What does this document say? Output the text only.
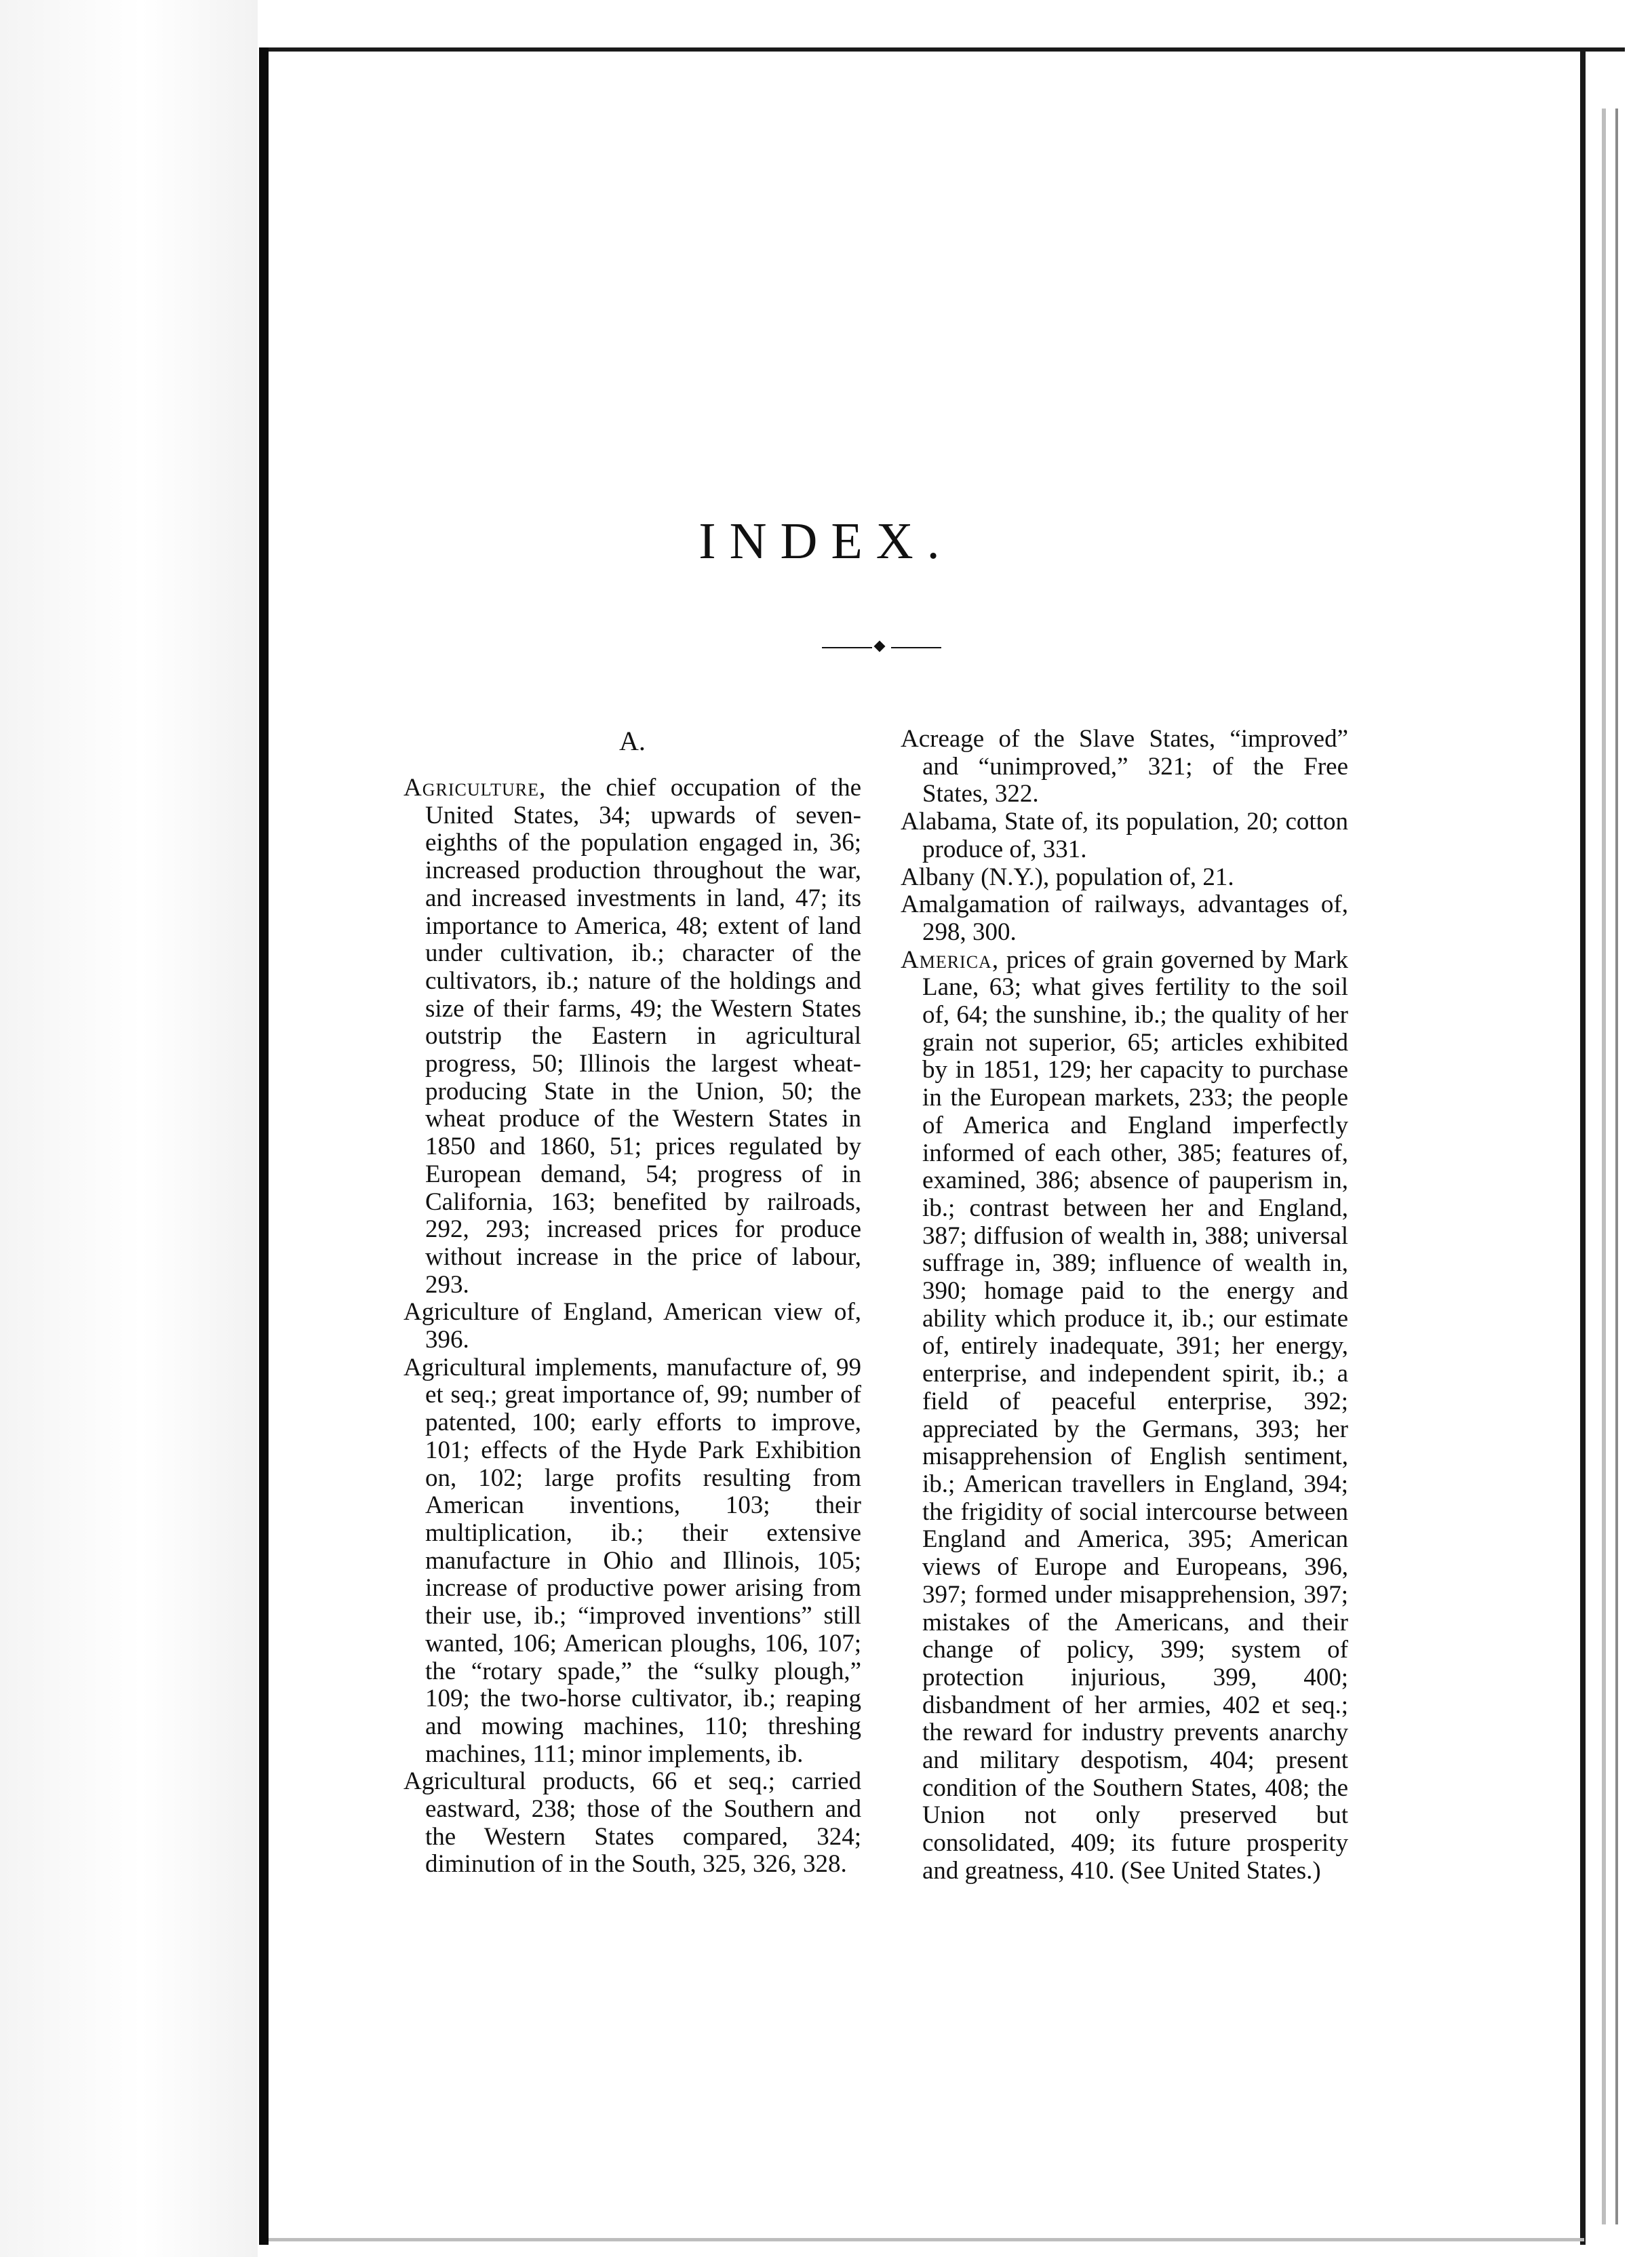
INDEX.
A.

Agriculture, the chief occupation of the United States, 34; upwards of seven-eighths of the population engaged in, 36; increased production throughout the war, and increased investments in land, 47; its importance to America, 48; extent of land under cultivation, ib.; character of the cultivators, ib.; nature of the holdings and size of their farms, 49; the Western States outstrip the Eastern in agricultural progress, 50; Illinois the largest wheat-producing State in the Union, 50; the wheat produce of the Western States in 1850 and 1860, 51; prices regulated by European demand, 54; progress of in California, 163; benefited by railroads, 292, 293; increased prices for produce without increase in the price of labour, 293.

Agriculture of England, American view of, 396.

Agricultural implements, manufacture of, 99 et seq.; great importance of, 99; number of patented, 100; early efforts to improve, 101; effects of the Hyde Park Exhibition on, 102; large profits resulting from American inventions, 103; their multiplication, ib.; their extensive manufacture in Ohio and Illinois, 105; increase of productive power arising from their use, ib.; “improved inventions” still wanted, 106; American ploughs, 106, 107; the “rotary spade,” the “sulky plough,” 109; the two-horse cultivator, ib.; reaping and mowing machines, 110; threshing machines, 111; minor implements, ib.

Agricultural products, 66 et seq.; carried eastward, 238; those of the Southern and the Western States compared, 324; diminution of in the South, 325, 326, 328.

Acreage of the Slave States, “improved” and “unimproved,” 321; of the Free States, 322.

Alabama, State of, its population, 20; cotton produce of, 331.

Albany (N.Y.), population of, 21.

Amalgamation of railways, advantages of, 298, 300.

America, prices of grain governed by Mark Lane, 63; what gives fertility to the soil of, 64; the sunshine, ib.; the quality of her grain not superior, 65; articles exhibited by in 1851, 129; her capacity to purchase in the European markets, 233; the people of America and England imperfectly informed of each other, 385; features of, examined, 386; absence of pauperism in, ib.; contrast between her and England, 387; diffusion of wealth in, 388; universal suffrage in, 389; influence of wealth in, 390; homage paid to the energy and ability which produce it, ib.; our estimate of, entirely inadequate, 391; her energy, enterprise, and independent spirit, ib.; a field of peaceful enterprise, 392; appreciated by the Germans, 393; her misapprehension of English sentiment, ib.; American travellers in England, 394; the frigidity of social intercourse between England and America, 395; American views of Europe and Europeans, 396, 397; formed under misapprehension, 397; mistakes of the Americans, and their change of policy, 399; system of protection injurious, 399, 400; disbandment of her armies, 402 et seq.; the reward for industry prevents anarchy and military despotism, 404; present condition of the Southern States, 408; the Union not only preserved but consolidated, 409; its future prosperity and greatness, 410. (See United States.)
